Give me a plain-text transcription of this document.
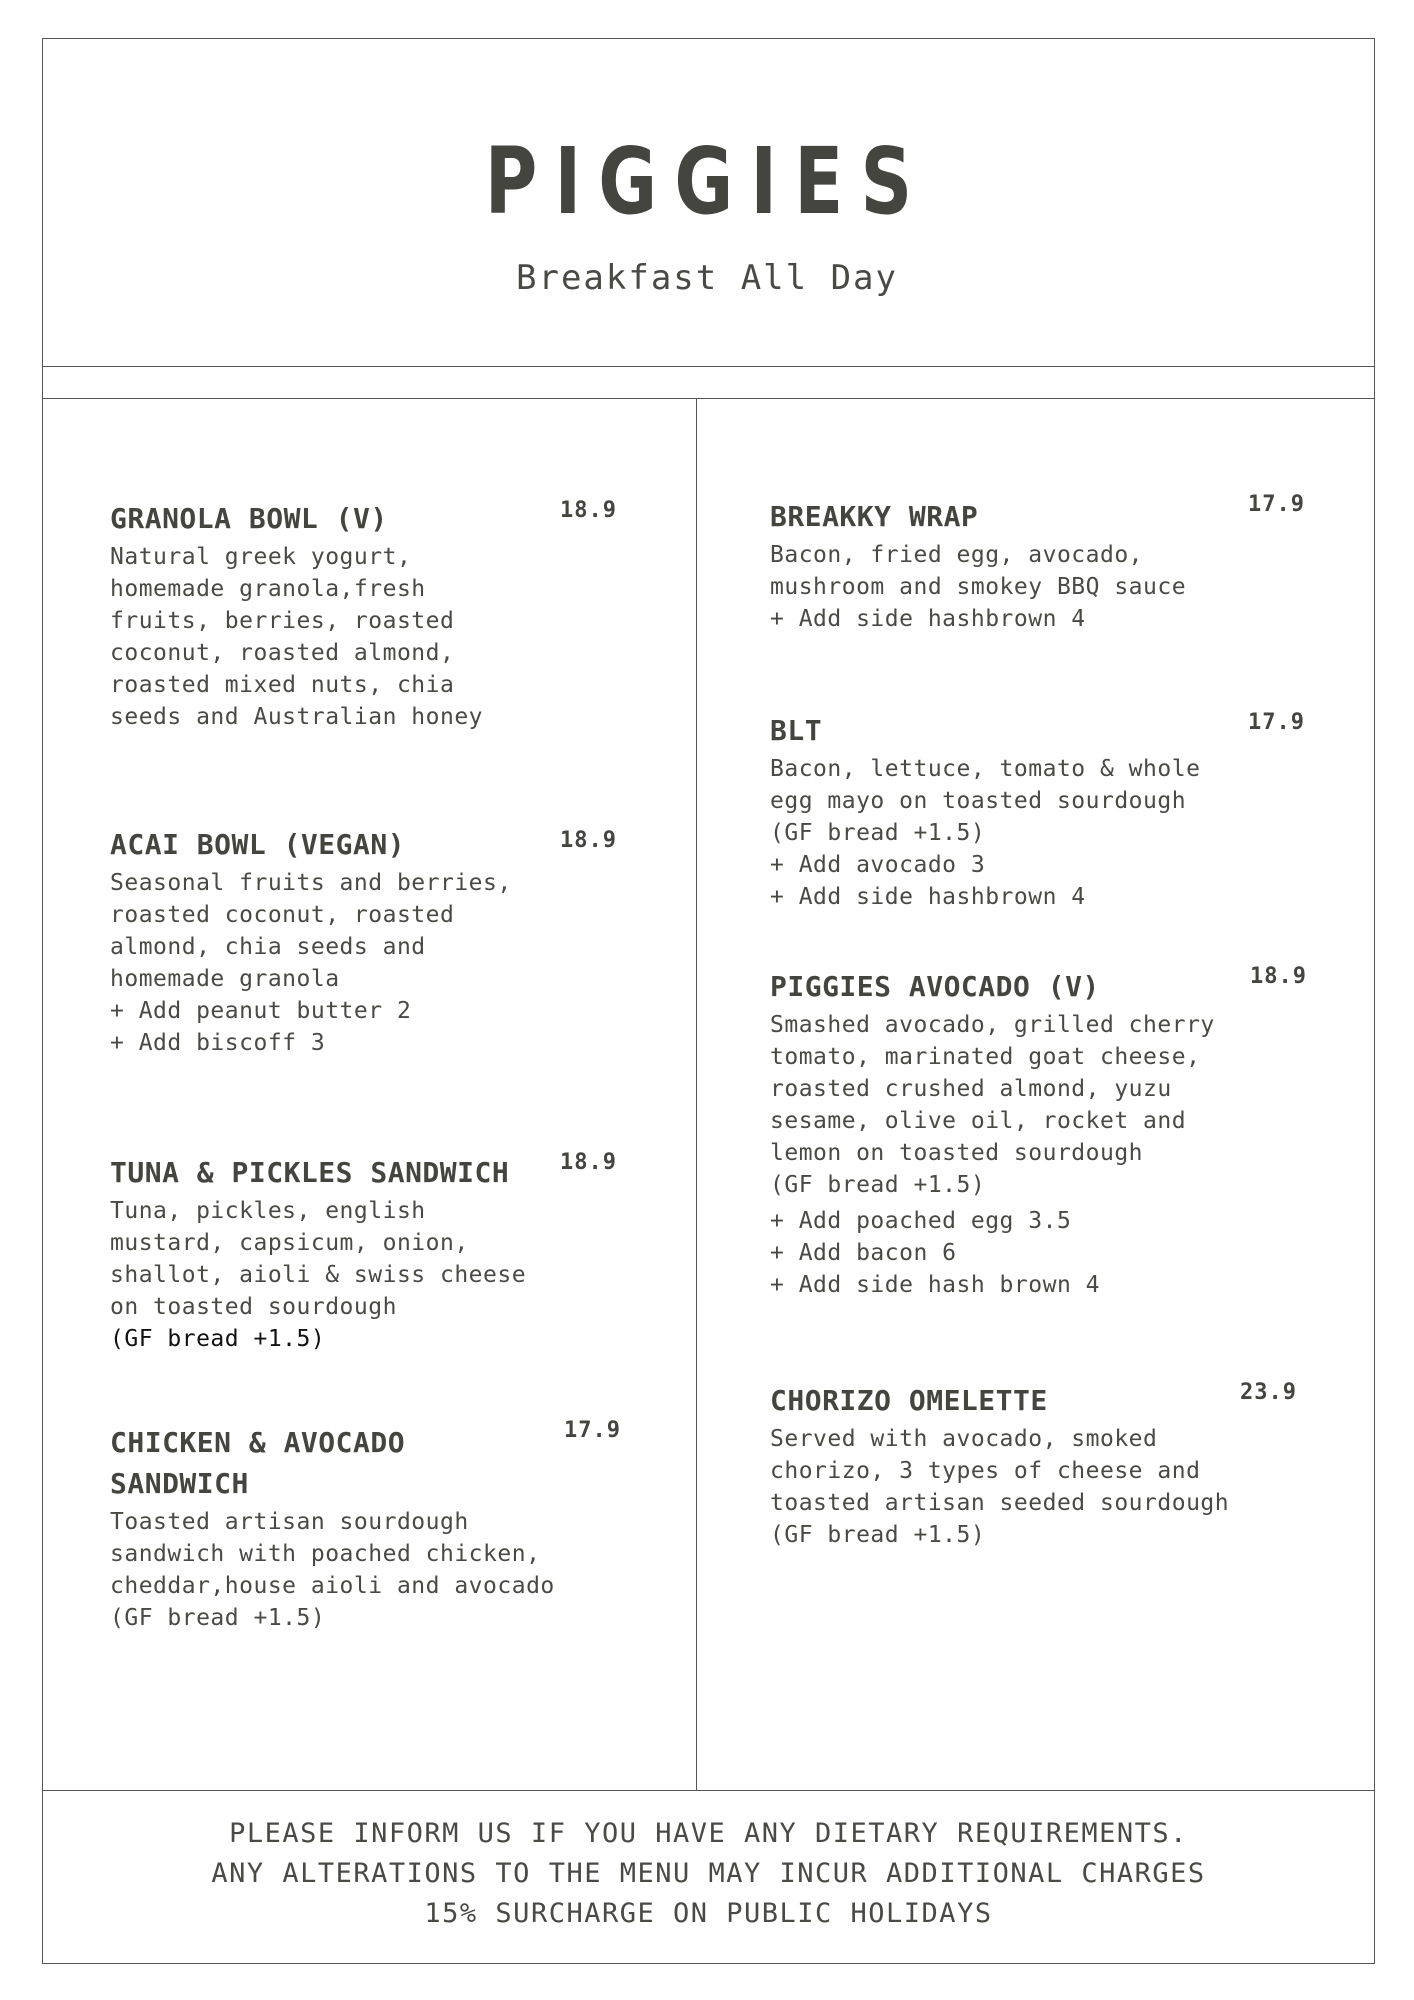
PIGGIES
Breakfast All Day
GRANOLA BOWL (V)	18.9
Natural greek yogurt,
homemade granola,fresh
fruits, berries, roasted
coconut, roasted almond,
roasted mixed nuts, chia
seeds and Australian honey
ACAI BOWL (VEGAN)	18.9
Seasonal fruits and berries,
roasted coconut, roasted
almond, chia seeds and
homemade granola
+ Add peanut butter 2
+ Add biscoff 3
TUNA & PICKLES SANDWICH	18.9
Tuna, pickles, english
mustard, capsicum, onion,
shallot, aioli & swiss cheese
on toasted sourdough
(GF bread +1.5)
CHICKEN & AVOCADO SANDWICH
17.9
Toasted artisan sourdough
sandwich with poached chicken,
cheddar,house aioli and avocado
(GF bread +1.5)
BREAKKY WRAP	17.9
Bacon, fried egg, avocado,
mushroom and smokey BBQ sauce
+ Add side hashbrown 4
BLT	17.9
Bacon, lettuce, tomato & whole
egg mayo on toasted sourdough
(GF bread +1.5)
+ Add avocado 3
+ Add side hashbrown 4
PIGGIES AVOCADO (V)	18.9
Smashed avocado, grilled cherry
tomato, marinated goat cheese,
roasted crushed almond, yuzu
sesame, olive oil, rocket and
lemon on toasted sourdough
(GF bread +1.5)
+ Add poached egg 3.5
+ Add bacon 6
+ Add side hash brown 4
CHORIZO OMELETTE	23.9
Served with avocado, smoked
chorizo, 3 types of cheese and
toasted artisan seeded sourdough
(GF bread +1.5)
PLEASE INFORM US IF YOU HAVE ANY DIETARY REQUIREMENTS.
ANY ALTERATIONS TO THE MENU MAY INCUR ADDITIONAL CHARGES
15% SURCHARGE ON PUBLIC HOLIDAYS
